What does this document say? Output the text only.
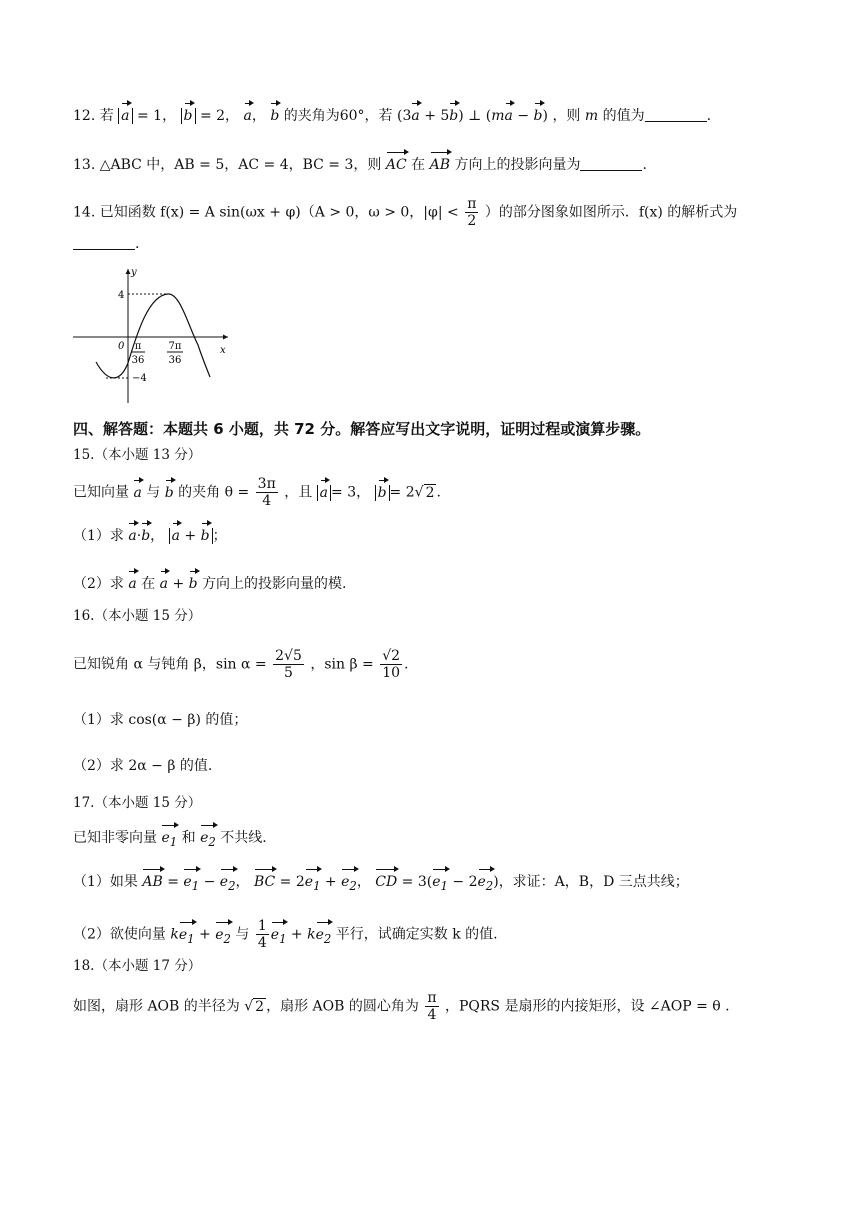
12. 若 a = 1， b = 2， a， b 的夹角为60°，若 (3a + 5b) ⊥ (ma − b) ，则 m 的值为	.
13. △ABC 中，AB = 5，AC = 4，BC = 3，则 AC 在 AB 方向上的投影向量为	.
14. 已知函数 f(x) = A sin(ωx + φ)（A > 0，ω > 0，$|\varphi| < \frac{\pi}{2}$ ）的部分图象如图所示．f(x) 的解析式为
.
y
x
0
4
−4
π
36
7π
36
四、解答题：本题共 6 小题，共 72 分。解答应写出文字说明，证明过程或演算步骤。
15.（本小题 13 分）
已知向量 a 与 b 的夹角 $\theta = \frac{3\pi}{4}$ ，且 a = 3， b = 2√ 2 .
（1）求 a·b， a + b ；
（2）求 a 在 a + b 方向上的投影向量的模.
16.（本小题 15 分）
已知锐角 α 与钝角 β，$\sin \alpha = \frac{2√5}{5}$ ，$\sin \beta = \frac{√2}{10}$ .
（1）求 cos(α − β) 的值；
（2）求 2α − β 的值.
17.（本小题 15 分）
已知非零向量 $e_1$ 和 $e_2$ 不共线.
（1）如果 AB = $e_1 - e_2$， BC = $2e_1 + e_2$， CD = $3(e_1 - 2e_2)$，求证：A，B，D 三点共线；
（2）欲使向量 $ke_1 + e_2$ 与 $\frac{1}{4} e_1 + ke_2$ 平行，试确定实数 k 的值.
18.（本小题 17 分）
如图，扇形 AOB 的半径为 √ 2 ，扇形 AOB 的圆心角为 $\frac{\pi}{4}$ ，PQRS 是扇形的内接矩形，设 ∠AOP = θ .
